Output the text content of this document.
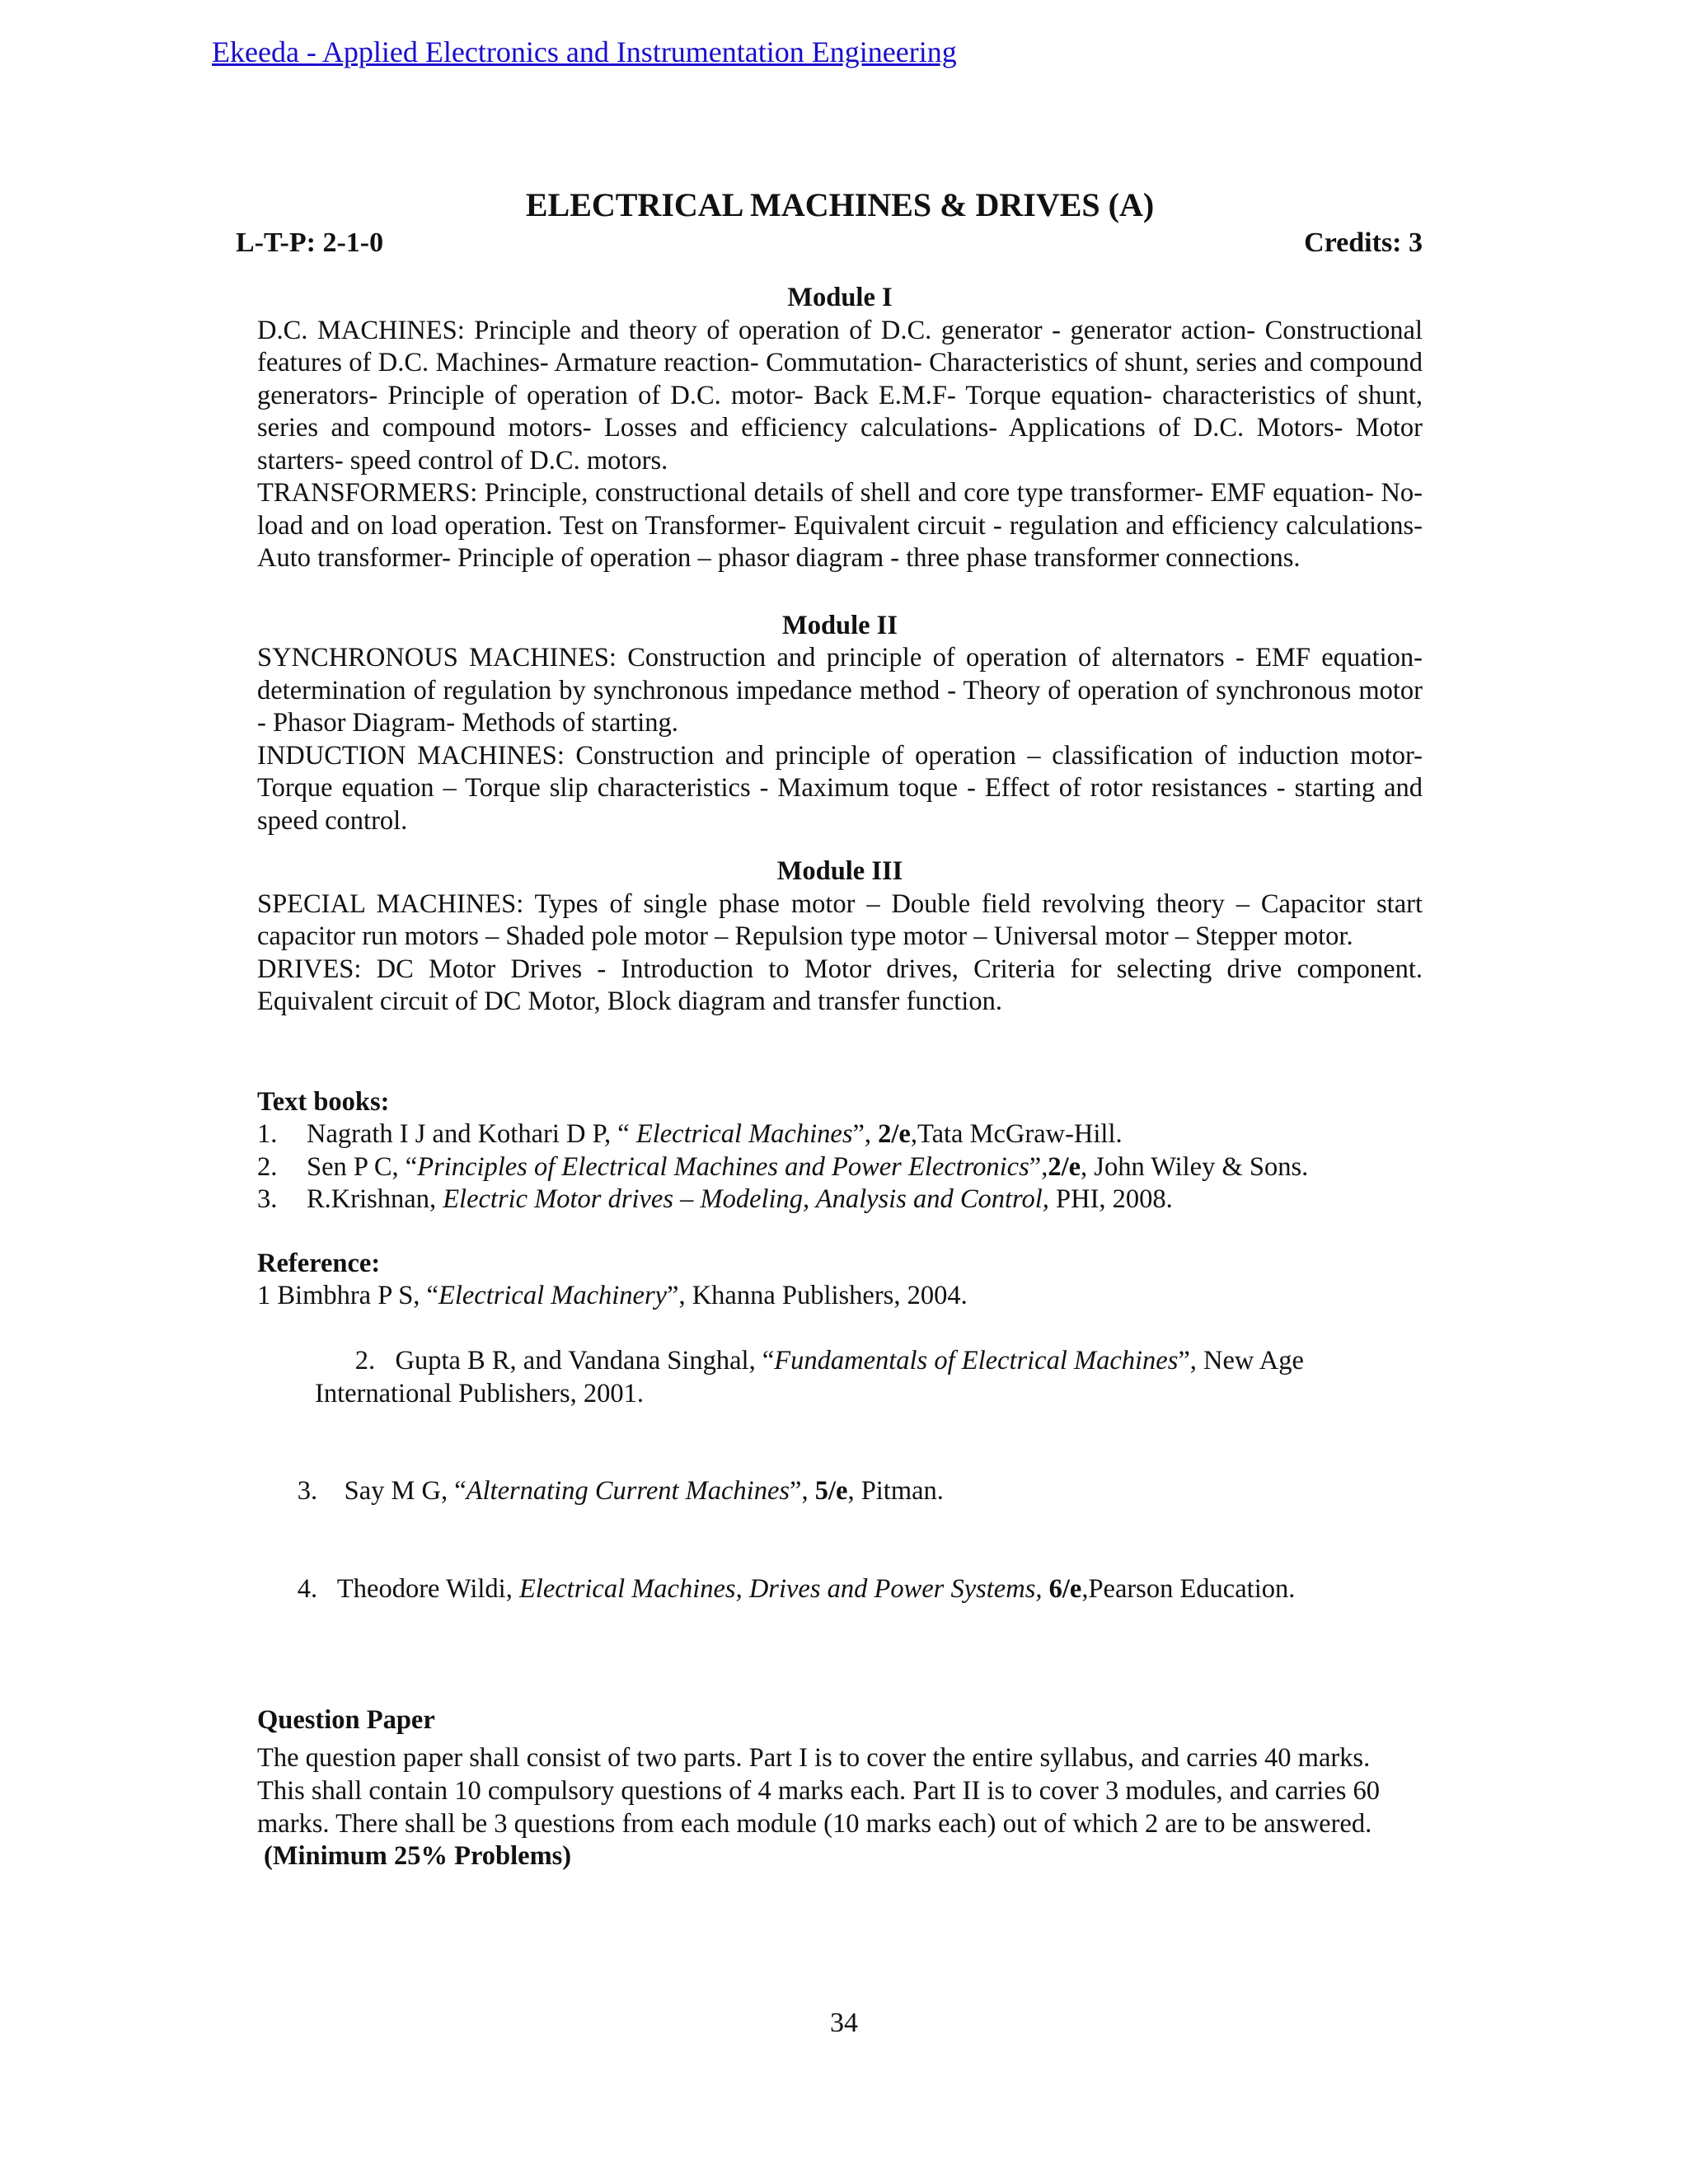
Ekeeda - Applied Electronics and Instrumentation Engineering
ELECTRICAL MACHINES & DRIVES (A)
L-T-P: 2-1-0	Credits: 3
Module I
D.C. MACHINES: Principle and theory of operation of D.C. generator - generator action- Constructional features of D.C. Machines- Armature reaction- Commutation- Characteristics of shunt, series and compound generators- Principle of operation of D.C. motor- Back E.M.F- Torque equation- characteristics of shunt, series and compound motors- Losses and efficiency calculations- Applications of D.C. Motors- Motor starters- speed control of D.C. motors.
TRANSFORMERS: Principle, constructional details of shell and core type transformer- EMF equation- No-load and on load operation. Test on Transformer- Equivalent circuit - regulation and efficiency calculations- Auto transformer- Principle of operation – phasor diagram - three phase transformer connections.
Module II
SYNCHRONOUS MACHINES: Construction and principle of operation of alternators - EMF equation- determination of regulation by synchronous impedance method - Theory of operation of synchronous motor - Phasor Diagram- Methods of starting.
INDUCTION MACHINES: Construction and principle of operation – classification of induction motor- Torque equation – Torque slip characteristics - Maximum toque - Effect of rotor resistances - starting and speed control.
Module III
SPECIAL MACHINES: Types of single phase motor – Double field revolving theory – Capacitor start capacitor run motors – Shaded pole motor – Repulsion type motor – Universal motor – Stepper motor.
DRIVES: DC Motor Drives - Introduction to Motor drives, Criteria for selecting drive component. Equivalent circuit of DC Motor, Block diagram and transfer function.
Text books:
1.	Nagrath I J and Kothari D P, “ Electrical Machines”, 2/e,Tata McGraw-Hill.
2.	Sen P C, “Principles of Electrical Machines and Power Electronics”,2/e, John Wiley & Sons.
3.	R.Krishnan, Electric Motor drives – Modeling, Analysis and Control, PHI, 2008.
Reference:
1 Bimbhra P S, “Electrical Machinery”, Khanna Publishers, 2004.

2.   Gupta B R, and Vandana Singhal, “Fundamentals of Electrical Machines”, New Age International Publishers, 2001.

3.    Say M G, “Alternating Current Machines”, 5/e, Pitman.

4.   Theodore Wildi, Electrical Machines, Drives and Power Systems, 6/e,Pearson Education.

Question Paper
The question paper shall consist of two parts. Part I is to cover the entire syllabus, and carries 40 marks. This shall contain 10 compulsory questions of 4 marks each. Part II is to cover 3 modules, and carries 60 marks. There shall be 3 questions from each module (10 marks each) out of which 2 are to be answered.
(Minimum 25% Problems)
34
